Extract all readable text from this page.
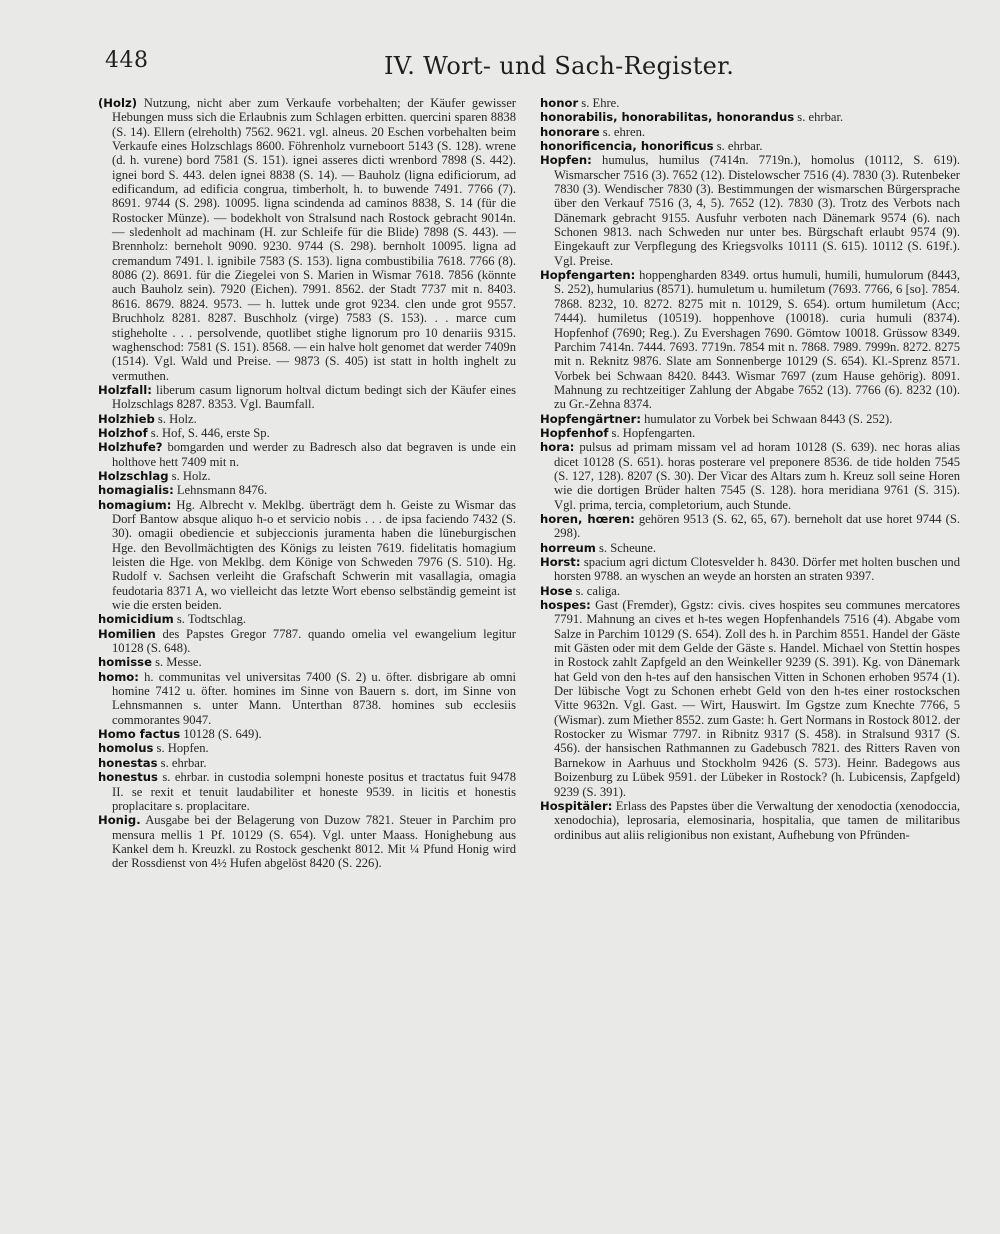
448	IV. Wort- und Sach-Register.

(Holz) Nutzung, nicht aber zum Verkaufe vorbehalten; der Käufer gewisser Hebungen muss sich die Erlaubnis zum Schlagen erbitten. quercini sparen 8838 (S. 14). Ellern (elreholth) 7562. 9621. vgl. alneus. 20 Eschen vorbehalten beim Verkaufe eines Holzschlags 8600. Föhrenholz vurneboort 5143 (S. 128). wrene (d. h. vurene) bord 7581 (S. 151). ignei asseres dicti wrenbord 7898 (S. 442). ignei bord S. 443. delen ignei 8838 (S. 14). — Bauholz (ligna edificiorum, ad edificandum, ad edificia congrua, timberholt, h. to buwende 7491. 7766 (7). 8691. 9744 (S. 298). 10095. ligna scindenda ad caminos 8838, S. 14 (für die Rostocker Münze). — bodekholt von Stralsund nach Rostock gebracht 9014n. — sledenholt ad machinam (H. zur Schleife für die Blide) 7898 (S. 443). — Brennholz: berneholt 9090. 9230. 9744 (S. 298). bernholt 10095. ligna ad cremandum 7491. l. ignibile 7583 (S. 153). ligna combustibilia 7618. 7766 (8). 8086 (2). 8691. für die Ziegelei von S. Marien in Wismar 7618. 7856 (könnte auch Bauholz sein). 7920 (Eichen). 7991. 8562. der Stadt 7737 mit n. 8403. 8616. 8679. 8824. 9573. — h. luttek unde grot 9234. clen unde grot 9557. Bruchholz 8281. 8287. Buschholz (virge) 7583 (S. 153). . . marce cum stigheholte . . . persolvende, quotlibet stighe lignorum pro 10 denariis 9315. waghenschod: 7581 (S. 151). 8568. — ein halve holt genomet dat werder 7409n (1514). Vgl. Wald und Preise. — 9873 (S. 405) ist statt in holth inghelt zu vermuthen.

Holzfall: liberum casum lignorum holtval dictum bedingt sich der Käufer eines Holzschlags 8287. 8353. Vgl. Baumfall.

Holzhieb s. Holz.

Holzhof s. Hof, S. 446, erste Sp.

Holzhufe? bomgarden und werder zu Badresch also dat begraven is unde ein holthove hett 7409 mit n.

Holzschlag s. Holz.

homagialis: Lehnsmann 8476.

homagium: Hg. Albrecht v. Meklbg. überträgt dem h. Geiste zu Wismar das Dorf Bantow absque aliquo h-o et servicio nobis . . . de ipsa faciendo 7432 (S. 30). omagii obediencie et subjeccionis juramenta haben die lüneburgischen Hge. den Bevollmächtigten des Königs zu leisten 7619. fidelitatis homagium leisten die Hge. von Meklbg. dem Könige von Schweden 7976 (S. 510). Hg. Rudolf v. Sachsen verleiht die Grafschaft Schwerin mit vasallagia, omagia feudotaria 8371 A, wo vielleicht das letzte Wort ebenso selbständig gemeint ist wie die ersten beiden.

homicidium s. Todtschlag.

Homilien des Papstes Gregor 7787. quando omelia vel ewangelium legitur 10128 (S. 648).

homisse s. Messe.

homo: h. communitas vel universitas 7400 (S. 2) u. öfter. disbrigare ab omni homine 7412 u. öfter. homines im Sinne von Bauern s. dort, im Sinne von Lehnsmannen s. unter Mann. Unterthan 8738. homines sub ecclesiis commorantes 9047.

Homo factus 10128 (S. 649).

homolus s. Hopfen.

honestas s. ehrbar.

honestus s. ehrbar. in custodia solempni honeste positus et tractatus fuit 9478 II. se rexit et tenuit laudabiliter et honeste 9539. in licitis et honestis proplacitare s. proplacitare.

Honig. Ausgabe bei der Belagerung von Duzow 7821. Steuer in Parchim pro mensura mellis 1 Pf. 10129 (S. 654). Vgl. unter Maass. Honighebung aus Kankel dem h. Kreuzkl. zu Rostock geschenkt 8012. Mit ¼ Pfund Honig wird der Rossdienst von 4½ Hufen abgelöst 8420 (S. 226).

honor s. Ehre.

honorabilis, honorabilitas, honorandus s. ehrbar.

honorare s. ehren.

honorificencia, honorificus s. ehrbar.

Hopfen: humulus, humilus (7414n. 7719n.), homolus (10112, S. 619). Wismarscher 7516 (3). 7652 (12). Distelowscher 7516 (4). 7830 (3). Rutenbeker 7830 (3). Wendischer 7830 (3). Bestimmungen der wismarschen Bürgersprache über den Verkauf 7516 (3, 4, 5). 7652 (12). 7830 (3). Trotz des Verbots nach Dänemark gebracht 9155. Ausfuhr verboten nach Dänemark 9574 (6). nach Schonen 9813. nach Schweden nur unter bes. Bürgschaft erlaubt 9574 (9). Eingekauft zur Verpflegung des Kriegsvolks 10111 (S. 615). 10112 (S. 619f.). Vgl. Preise.

Hopfengarten: hoppengharden 8349. ortus humuli, humili, humulorum (8443, S. 252), humularius (8571). humuletum u. humiletum (7693. 7766, 6 [so]. 7854. 7868. 8232, 10. 8272. 8275 mit n. 10129, S. 654). ortum humiletum (Acc; 7444). humiletus (10519). hoppenhove (10018). curia humuli (8374). Hopfenhof (7690; Reg.). Zu Evershagen 7690. Gömtow 10018. Grüssow 8349. Parchim 7414n. 7444. 7693. 7719n. 7854 mit n. 7868. 7989. 7999n. 8272. 8275 mit n. Reknitz 9876. Slate am Sonnenberge 10129 (S. 654). Kl.-Sprenz 8571. Vorbek bei Schwaan 8420. 8443. Wismar 7697 (zum Hause gehörig). 8091. Mahnung zu rechtzeitiger Zahlung der Abgabe 7652 (13). 7766 (6). 8232 (10). zu Gr.-Zehna 8374.

Hopfengärtner: humulator zu Vorbek bei Schwaan 8443 (S. 252).

Hopfenhof s. Hopfengarten.

hora: pulsus ad primam missam vel ad horam 10128 (S. 639). nec horas alias dicet 10128 (S. 651). horas posterare vel preponere 8536. de tide holden 7545 (S. 127, 128). 8207 (S. 30). Der Vicar des Altars zum h. Kreuz soll seine Horen wie die dortigen Brüder halten 7545 (S. 128). hora meridiana 9761 (S. 315). Vgl. prima, tercia, completorium, auch Stunde.

horen, hœren: gehören 9513 (S. 62, 65, 67). berneholt dat use horet 9744 (S. 298).

horreum s. Scheune.

Horst: spacium agri dictum Clotesvelder h. 8430. Dörfer met holten buschen und horsten 9788. an wyschen an weyde an horsten an straten 9397.

Hose s. caliga.

hospes: Gast (Fremder), Ggstz: civis. cives hospites seu communes mercatores 7791. Mahnung an cives et h-tes wegen Hopfenhandels 7516 (4). Abgabe vom Salze in Parchim 10129 (S. 654). Zoll des h. in Parchim 8551. Handel der Gäste mit Gästen oder mit dem Gelde der Gäste s. Handel. Michael von Stettin hospes in Rostock zahlt Zapfgeld an den Weinkeller 9239 (S. 391). Kg. von Dänemark hat Geld von den h-tes auf den hansischen Vitten in Schonen erhoben 9574 (1). Der lübische Vogt zu Schonen erhebt Geld von den h-tes einer rostockschen Vitte 9632n. Vgl. Gast. — Wirt, Hauswirt. Im Ggstze zum Knechte 7766, 5 (Wismar). zum Miether 8552. zum Gaste: h. Gert Normans in Rostock 8012. der Rostocker zu Wismar 7797. in Ribnitz 9317 (S. 458). in Stralsund 9317 (S. 456). der hansischen Rathmannen zu Gadebusch 7821. des Ritters Raven von Barnekow in Aarhuus und Stockholm 9426 (S. 573). Heinr. Badegows aus Boizenburg zu Lübek 9591. der Lübeker in Rostock? (h. Lubicensis, Zapfgeld) 9239 (S. 391).

Hospitäler: Erlass des Papstes über die Verwaltung der xenodoctia (xenodoccia, xenodochia), leprosaria, elemosinaria, hospitalia, que tamen de militaribus ordinibus aut aliis religionibus non existant, Aufhebung von Pfründen-
